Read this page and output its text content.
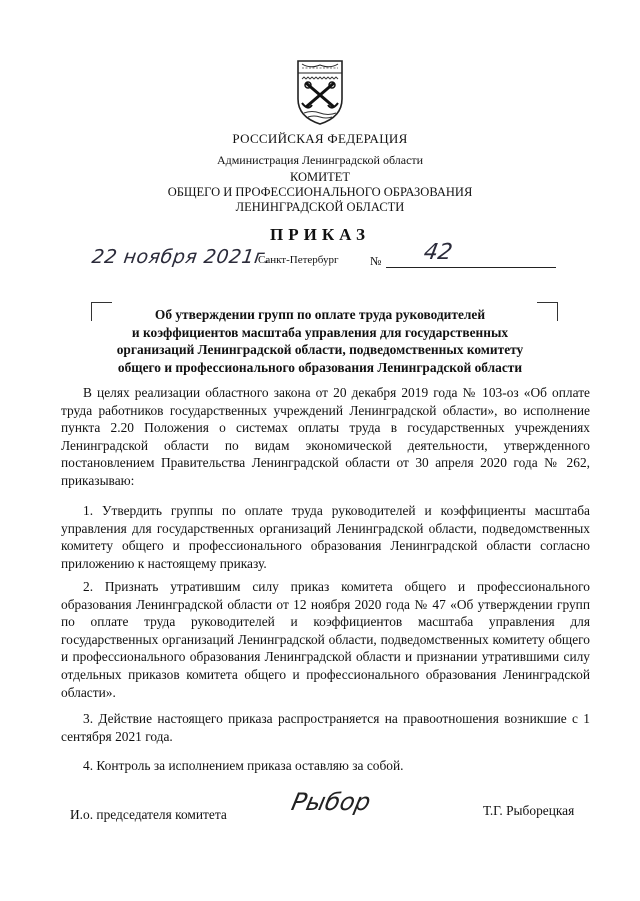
РОССИЙСКАЯ ФЕДЕРАЦИЯ
Администрация Ленинградской области
КОМИТЕТ
ОБЩЕГО И ПРОФЕССИОНАЛЬНОГО ОБРАЗОВАНИЯ
ЛЕНИНГРАДСКОЙ ОБЛАСТИ
ПРИКАЗ
22 ноября 2021г.
Санкт-Петербург	№ 42
Об утверждении групп по оплате труда руководителей
и коэффициентов масштаба управления для государственных
организаций Ленинградской области, подведомственных комитету
общего и профессионального образования Ленинградской области
В целях реализации областного закона от 20 декабря 2019 года № 103-оз «Об оплате труда работников государственных учреждений Ленинградской области», во исполнение пункта 2.20 Положения о системах оплаты труда в государственных учреждениях Ленинградской области по видам экономической деятельности, утвержденного постановлением Правительства Ленинградской области от 30 апреля 2020 года № 262, приказываю:
1. Утвердить группы по оплате труда руководителей и коэффициенты масштаба управления для государственных организаций Ленинградской области, подведомственных комитету общего и профессионального образования Ленинградской области согласно приложению к настоящему приказу.
2. Признать утратившим силу приказ комитета общего и профессионального образования Ленинградской области от 12 ноября 2020 года № 47 «Об утверждении групп по оплате труда руководителей и коэффициентов масштаба управления для государственных организаций Ленинградской области, подведомственных комитету общего и профессионального образования Ленинградской области и признании утратившими силу отдельных приказов комитета общего и профессионального образования Ленинградской области».
3. Действие настоящего приказа распространяется на правоотношения возникшие с 1 сентября 2021 года.
4. Контроль за исполнением приказа оставляю за собой.
И.о. председателя комитета	Рыбор	Т.Г. Рыборецкая
